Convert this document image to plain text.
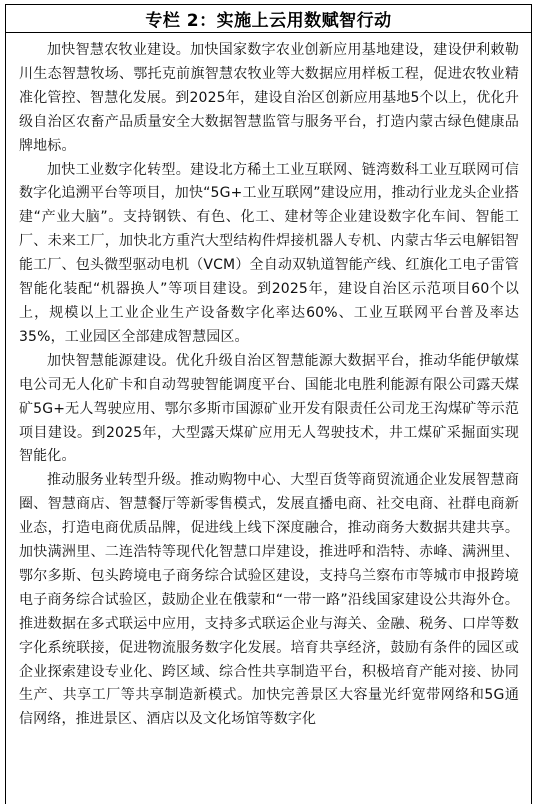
专栏 2：实施上云用数赋智行动

加快智慧农牧业建设。加快国家数字农业创新应用基地建设，建设伊利敕勒川生态智慧牧场、鄂托克前旗智慧农牧业等大数据应用样板工程，促进农牧业精准化管控、智慧化发展。到2025年，建设自治区创新应用基地5个以上，优化升级自治区农畜产品质量安全大数据智慧监管与服务平台，打造内蒙古绿色健康品牌地标。

加快工业数字化转型。建设北方稀土工业互联网、链湾数科工业互联网可信数字化追溯平台等项目，加快“5G+工业互联网”建设应用，推动行业龙头企业搭建“产业大脑”。支持钢铁、有色、化工、建材等企业建设数字化车间、智能工厂、未来工厂，加快北方重汽大型结构件焊接机器人专机、内蒙古华云电解铝智能工厂、包头微型驱动电机（VCM）全自动双轨道智能产线、红旗化工电子雷管智能化装配“机器换人”等项目建设。到2025年，建设自治区示范项目60个以上，规模以上工业企业生产设备数字化率达60%、工业互联网平台普及率达35%，工业园区全部建成智慧园区。

加快智慧能源建设。优化升级自治区智慧能源大数据平台，推动华能伊敏煤电公司无人化矿卡和自动驾驶智能调度平台、国能北电胜利能源有限公司露天煤矿5G+无人驾驶应用、鄂尔多斯市国源矿业开发有限责任公司龙王沟煤矿等示范项目建设。到2025年，大型露天煤矿应用无人驾驶技术，井工煤矿采掘面实现智能化。

推动服务业转型升级。推动购物中心、大型百货等商贸流通企业发展智慧商圈、智慧商店、智慧餐厅等新零售模式，发展直播电商、社交电商、社群电商新业态，打造电商优质品牌，促进线上线下深度融合，推动商务大数据共建共享。加快满洲里、二连浩特等现代化智慧口岸建设，推进呼和浩特、赤峰、满洲里、鄂尔多斯、包头跨境电子商务综合试验区建设，支持乌兰察布市等城市申报跨境电子商务综合试验区，鼓励企业在俄蒙和“一带一路”沿线国家建设公共海外仓。推进数据在多式联运中应用，支持多式联运企业与海关、金融、税务、口岸等数字化系统联接，促进物流服务数字化发展。培育共享经济，鼓励有条件的园区或企业探索建设专业化、跨区域、综合性共享制造平台，积极培育产能对接、协同生产、共享工厂等共享制造新模式。加快完善景区大容量光纤宽带网络和5G通信网络，推进景区、酒店以及文化场馆等数字化
